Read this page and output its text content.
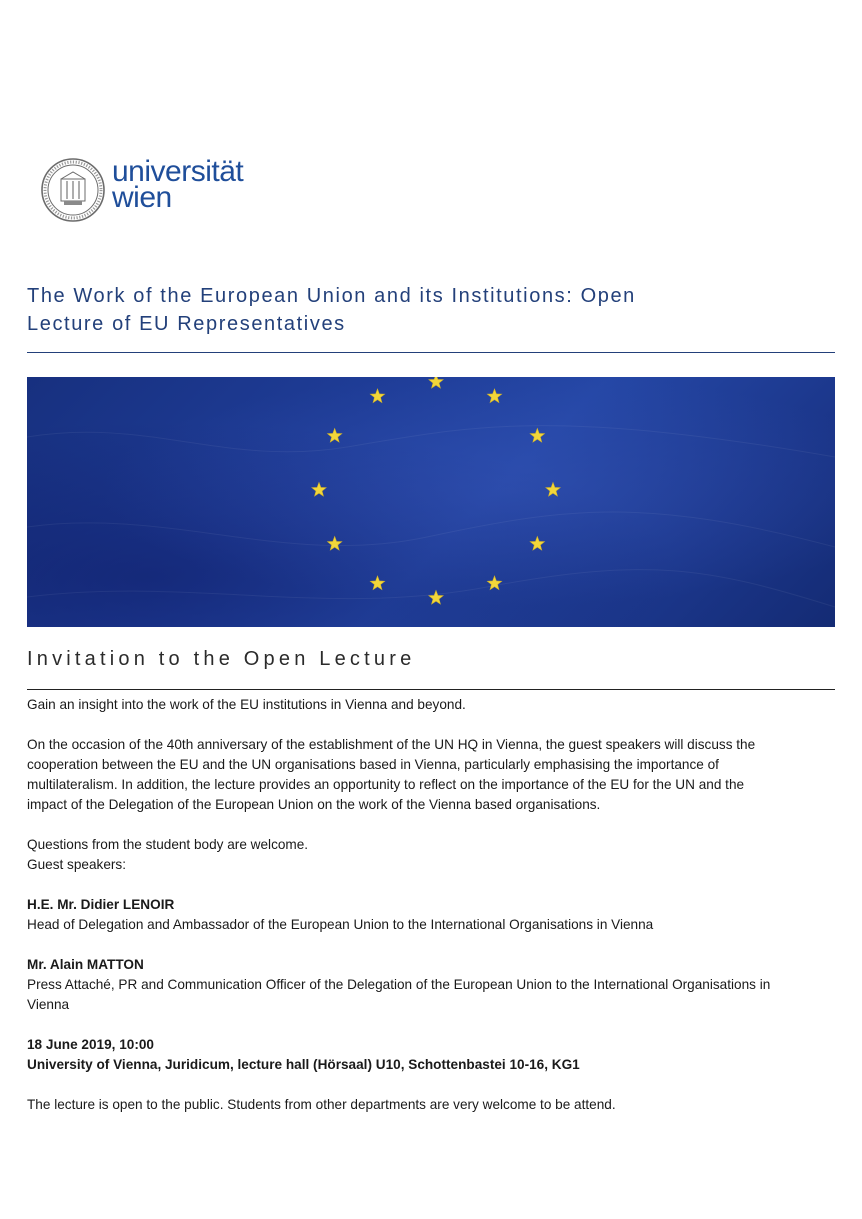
universität
wien
The Work of the European Union and its Institutions: Open
Lecture of EU Representatives
Invitation to the Open Lecture

Gain an insight into the work of the EU institutions in Vienna and beyond.

On the occasion of the 40th anniversary of the establishment of the UN HQ in Vienna, the guest speakers will discuss the

cooperation between the EU and the UN organisations based in Vienna, particularly emphasising the importance of

multilateralism. In addition, the lecture provides an opportunity to reflect on the importance of the EU for the UN and the

impact of the Delegation of the European Union on the work of the Vienna based organisations.

Questions from the student body are welcome.

Guest speakers:

H.E. Mr. Didier LENOIR

Head of Delegation and Ambassador of the European Union to the International Organisations in Vienna

Mr. Alain MATTON

Press Attaché, PR and Communication Officer of the Delegation of the European Union to the International Organisations in

Vienna

18 June 2019, 10:00

University of Vienna, Juridicum, lecture hall (Hörsaal) U10, Schottenbastei 10-16, KG1

The lecture is open to the public. Students from other departments are very welcome to be attend.
